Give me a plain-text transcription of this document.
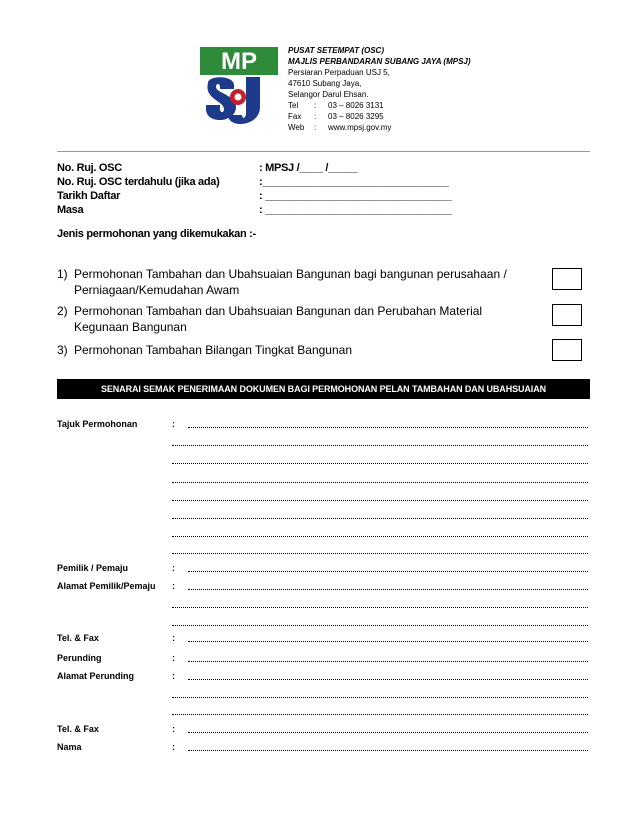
MP	PUSAT SETEMPAT (OSC)
MAJLIS PERBANDARAN SUBANG JAYA (MPSJ)
Persiaran Perpaduan USJ 5,
47610 Subang Jaya,
Selangor Darul Ehsan.
Tel	:	03 – 8026 3131
Fax	:	03 – 8026 3295
Web	:	www.mpsj.gov.my
No. Ruj. OSC	: MPSJ /____ /_____
No. Ruj. OSC terdahulu (jika ada)	:________________________________
Tarikh Daftar	: ________________________________
Masa	: ________________________________
Jenis permohonan yang dikemukakan :-
1) Permohonan Tambahan dan Ubahsuaian Bangunan bagi bangunan perusahaan / Perniagaan/Kemudahan Awam
2) Permohonan Tambahan dan Ubahsuaian Bangunan dan Perubahan Material Kegunaan Bangunan
3) Permohonan Tambahan Bilangan Tingkat Bangunan
SENARAI SEMAK PENERIMAAN DOKUMEN BAGI PERMOHONAN PELAN TAMBAHAN DAN UBAHSUAIAN
Tajuk Permohonan	:
Pemilik / Pemaju	:
Alamat Pemilik/Pemaju :
Tel. & Fax	:
Perunding	:
Alamat Perunding	:
Tel. & Fax	:
Nama	:
